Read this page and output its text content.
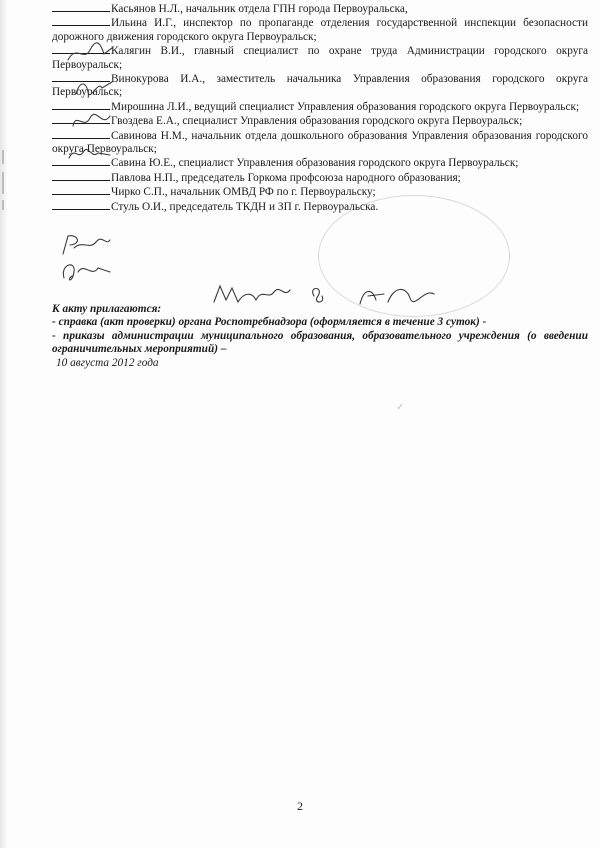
Касьянов Н.Л., начальник отдела ГПН города Первоуральска,

Ильина И.Г., инспектор по пропаганде отделения государственной инспекции безопасности дорожного движения городского округа Первоуральск;

Калягин В.И., главный специалист по охране труда Администрации городского округа Первоуральск;

Винокурова И.А., заместитель начальника Управления образования городского округа Первоуральск;

Мирошина Л.И., ведущий специалист Управления образования городского округа Первоуральск;

Гвоздева Е.А., специалист Управления образования городского округа Первоуральск;

Савинова Н.М., начальник отдела дошкольного образования Управления образования городского округа Первоуральск;

Савина Ю.Е., специалист Управления образования городского округа Первоуральск;

Павлова Н.П., председатель Горкома профсоюза народного образования;

Чирко С.П., начальник ОМВД РФ по г. Первоуральску;

Стуль О.И., председатель ТКДН и ЗП г. Первоуральска.

К акту прилагаются:

- справка (акт проверки) органа Роспотребнадзора (оформляется в течение 3 суток) -

- приказы администрации муниципального образования, образовательного учреждения (о введении ограничительных мероприятий) –

10 августа 2012 года
✓
2
